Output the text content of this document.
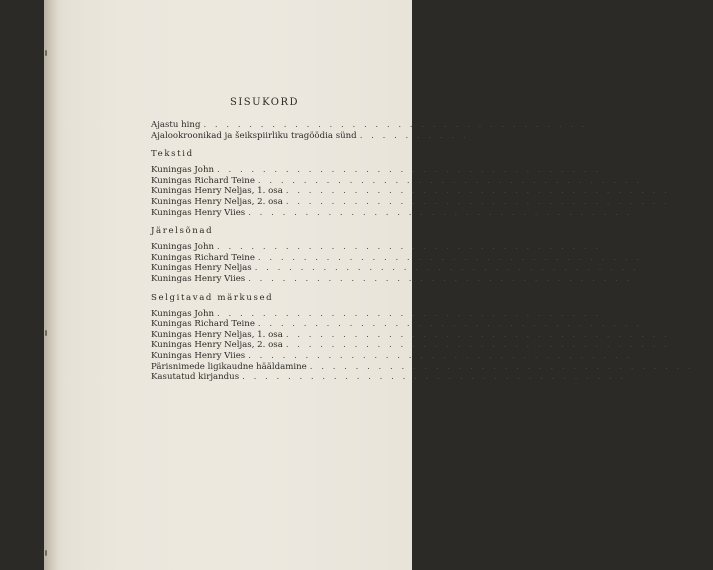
SISUKORD
Ajastu hing . . . . . . . . . . . . . . . . . . . . . . . . . . . . . . . . . .	5
Ajalookroonikad ja šeikspiirliku tragöödia sünd . . . . . . . . . . 77
Tekstid
Kuningas John . . . . . . . . . . . . . . . . . . . . . . . . . . . . . . . . . . 93
Kuningas Richard Teine . . . . . . . . . . . . . . . . . . . . . . . . . . . . . . . . . . 171
Kuningas Henry Neljas, 1. osa . . . . . . . . . . . . . . . . . . . . . . . . . . . . . . . . . . 253
Kuningas Henry Neljas, 2. osa . . . . . . . . . . . . . . . . . . . . . . . . . . . . . . . . . . 343
Kuningas Henry Viies . . . . . . . . . . . . . . . . . . . . . . . . . . . . . . . . . . 433
Järelsõnad
Kuningas John . . . . . . . . . . . . . . . . . . . . . . . . . . . . . . . . . . 537
Kuningas Richard Teine . . . . . . . . . . . . . . . . . . . . . . . . . . . . . . . . . . 542
Kuningas Henry Neljas . . . . . . . . . . . . . . . . . . . . . . . . . . . . . . . . . . 552
Kuningas Henry Viies . . . . . . . . . . . . . . . . . . . . . . . . . . . . . . . . . . 566
Selgitavad märkused
Kuningas John . . . . . . . . . . . . . . . . . . . . . . . . . . . . . . . . . . 575
Kuningas Richard Teine . . . . . . . . . . . . . . . . . . . . . . . . . . . . . . . . . . 578
Kuningas Henry Neljas, 1. osa . . . . . . . . . . . . . . . . . . . . . . . . . . . . . . . . . . 583
Kuningas Henry Neljas, 2. osa . . . . . . . . . . . . . . . . . . . . . . . . . . . . . . . . . . 585
Kuningas Henry Viies . . . . . . . . . . . . . . . . . . . . . . . . . . . . . . . . . . 588
Pärisnimede ligikaudne hääldamine . . . . . . . . . . . . . . . . . . . . . . . . . . . . . . . . . . 596
Kasutatud kirjandus . . . . . . . . . . . . . . . . . . . . . . . . . . . . . . . . . . 600
